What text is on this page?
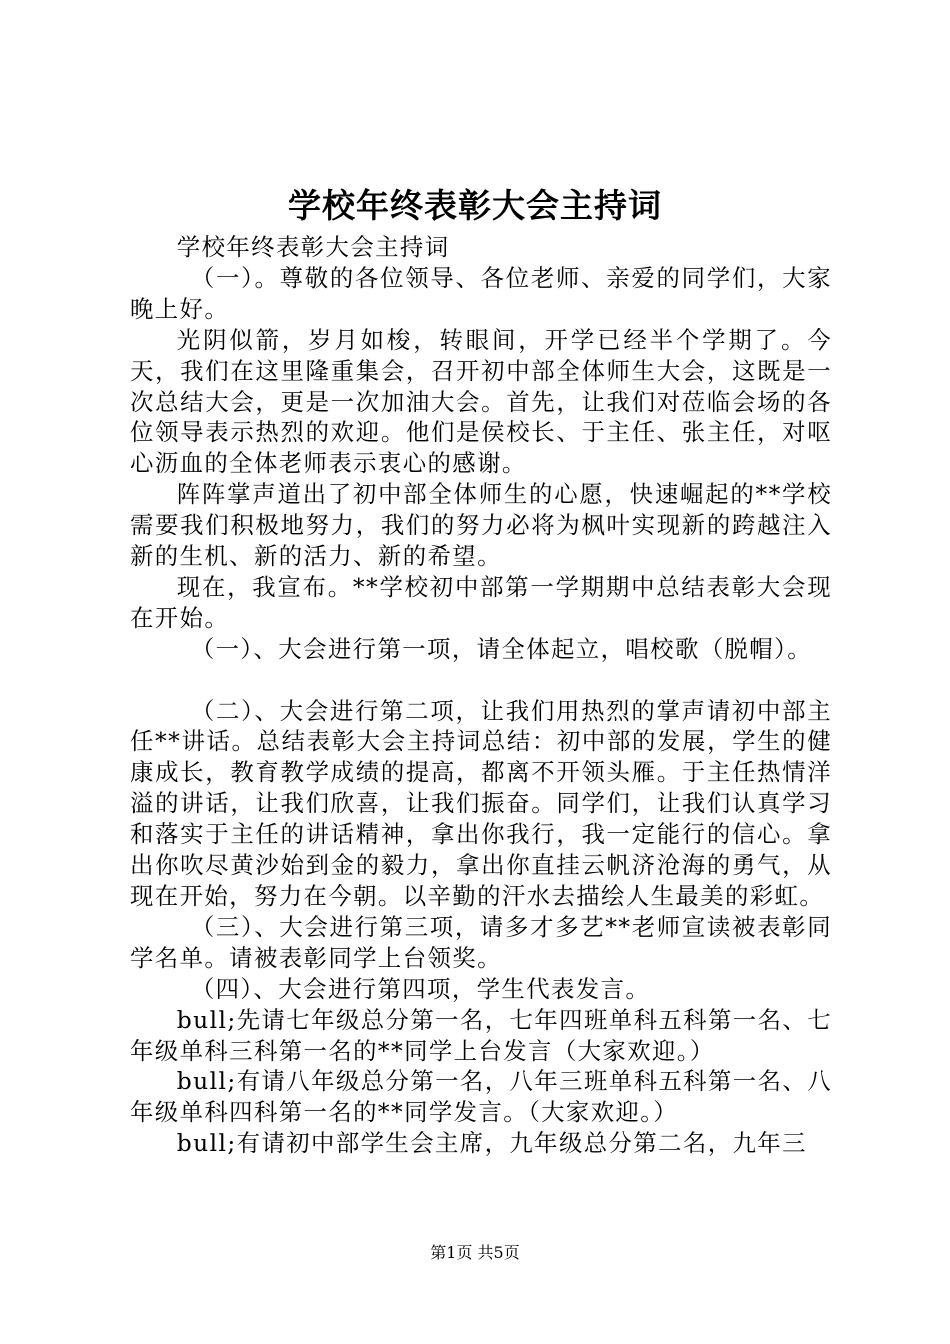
学校年终表彰大会主持词

学校年终表彰大会主持词

（一）。尊敬的各位领导、各位老师、亲爱的同学们，大家晚上好。

光阴似箭，岁月如梭，转眼间，开学已经半个学期了。今天，我们在这里隆重集会，召开初中部全体师生大会，这既是一次总结大会，更是一次加油大会。首先，让我们对莅临会场的各位领导表示热烈的欢迎。他们是侯校长、于主任、张主任，对呕心沥血的全体老师表示衷心的感谢。

阵阵掌声道出了初中部全体师生的心愿，快速崛起的**学校需要我们积极地努力，我们的努力必将为枫叶实现新的跨越注入新的生机、新的活力、新的希望。

现在，我宣布。**学校初中部第一学期期中总结表彰大会现在开始。

（一）、大会进行第一项，请全体起立，唱校歌（脱帽）。

（二）、大会进行第二项，让我们用热烈的掌声请初中部主任**讲话。总结表彰大会主持词总结：初中部的发展，学生的健康成长，教育教学成绩的提高，都离不开领头雁。于主任热情洋溢的讲话，让我们欣喜，让我们振奋。同学们，让我们认真学习和落实于主任的讲话精神，拿出你我行，我一定能行的信心。拿出你吹尽黄沙始到金的毅力，拿出你直挂云帆济沧海的勇气，从现在开始，努力在今朝。以辛勤的汗水去描绘人生最美的彩虹。

（三）、大会进行第三项，请多才多艺**老师宣读被表彰同学名单。请被表彰同学上台领奖。

（四）、大会进行第四项，学生代表发言。

bull;先请七年级总分第一名，七年四班单科五科第一名、七年级单科三科第一名的**同学上台发言（大家欢迎。）

bull;有请八年级总分第一名，八年三班单科五科第一名、八年级单科四科第一名的**同学发言。（大家欢迎。）

bull;有请初中部学生会主席，九年级总分第二名，九年三

第1页 共5页
